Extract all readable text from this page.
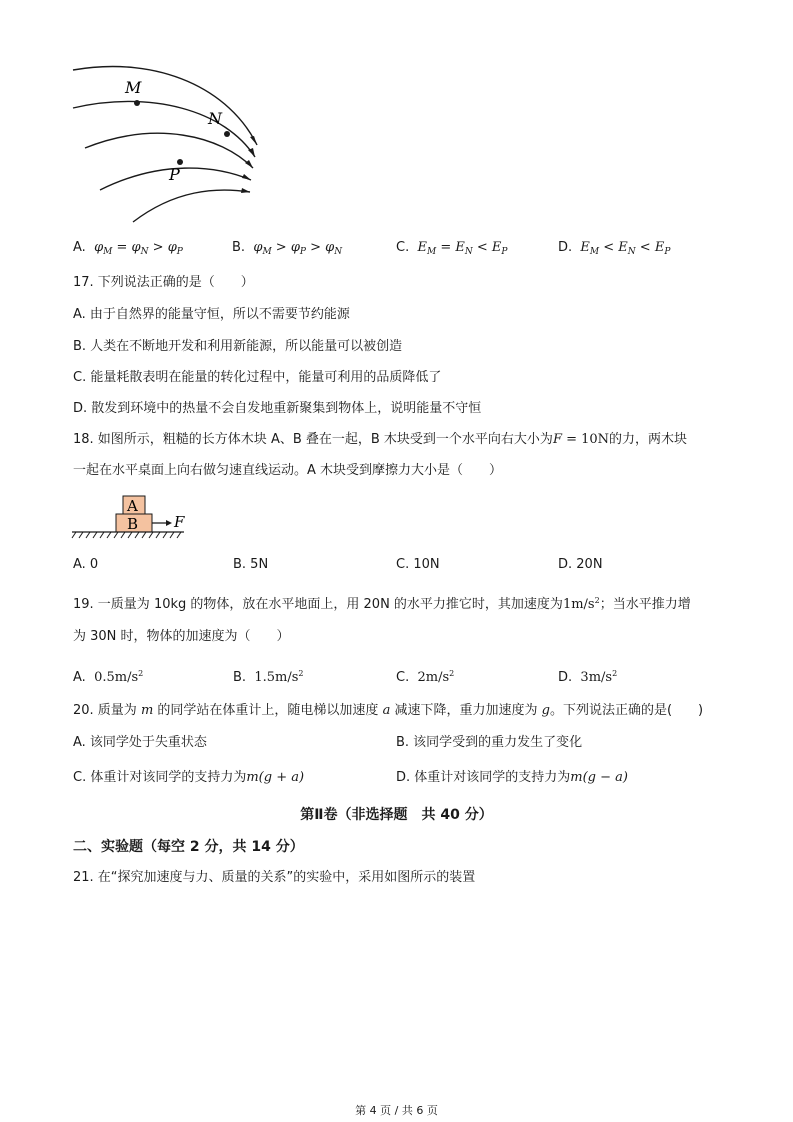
M
N
P
A. $\varphi_M = \varphi_N > \varphi_P$	B. $\varphi_M > \varphi_P > \varphi_N$	C. $E_M = E_N < E_P$	D. $E_M < E_N < E_P$
17. 下列说法正确的是（　　）
A. 由于自然界的能量守恒，所以不需要节约能源
B. 人类在不断地开发和利用新能源，所以能量可以被创造
C. 能量耗散表明在能量的转化过程中，能量可利用的品质降低了
D. 散发到环境中的热量不会自发地重新聚集到物体上，说明能量不守恒
18. 如图所示，粗糙的长方体木块 A、B 叠在一起，B 木块受到一个水平向右大小为F = 10N的力，两木块
一起在水平桌面上向右做匀速直线运动。A 木块受到摩擦力大小是（　　）
A
B F
A. 0	B. 5N	C. 10N	D. 20N
19. 一质量为 10kg 的物体，放在水平地面上，用 20N 的水平力推它时，其加速度为$1m/s^2$；当水平推力增
为 30N 时，物体的加速度为（　　）
A. $0.5m/s^2$	B. $1.5m/s^2$	C. $2m/s^2$	D. $3m/s^2$
20. 质量为 m 的同学站在体重计上，随电梯以加速度 a 减速下降，重力加速度为 g。下列说法正确的是(　　)
A. 该同学处于失重状态	B. 该同学受到的重力发生了变化
C. 体重计对该同学的支持力为m(g + a)	D. 体重计对该同学的支持力为m(g − a)
第Ⅱ卷（非选择题　共 40 分）
二、实验题（每空 2 分，共 14 分）
21. 在“探究加速度与力、质量的关系”的实验中，采用如图所示的装置
第 4 页 / 共 6 页
